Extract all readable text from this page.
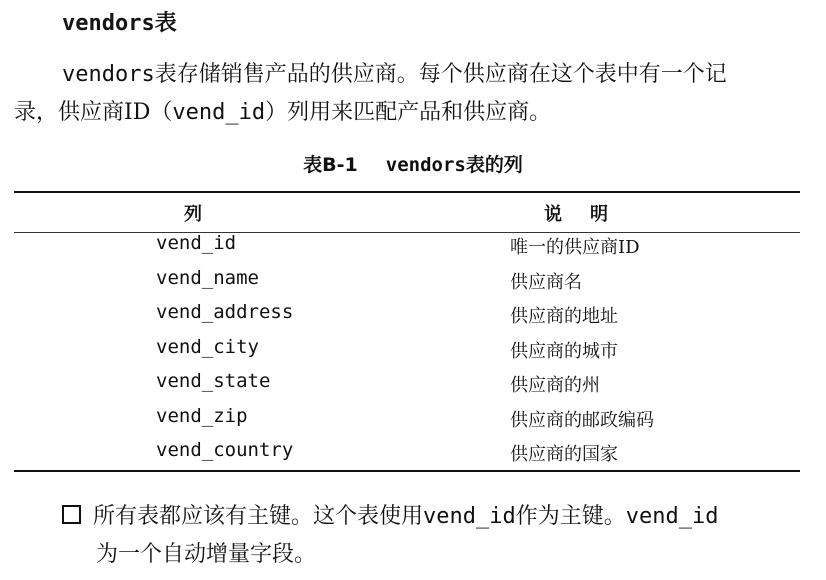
vendors表

vendors表存储销售产品的供应商。每个供应商在这个表中有一个记

录，供应商ID（vend_id）列用来匹配产品和供应商。

表B-1 vendors表的列
列	说明
vend_id	唯一的供应商ID
vend_name	供应商名
vend_address	供应商的地址
vend_city	供应商的城市
vend_state	供应商的州
vend_zip	供应商的邮政编码
vend_country	供应商的国家
所有表都应该有主键。这个表使用vend_id作为主键。vend_id
为一个自动增量字段。
